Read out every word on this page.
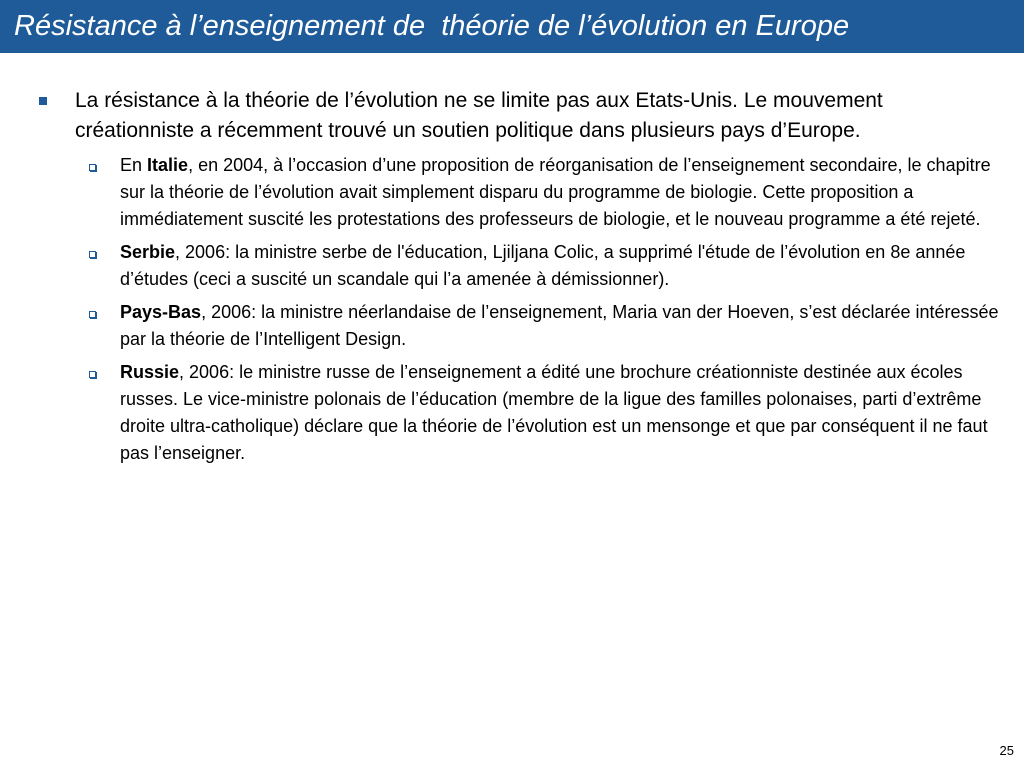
Résistance à l’enseignement de  théorie de l’évolution en Europe
La résistance à la théorie de l’évolution ne se limite pas aux Etats-Unis. Le mouvement créationniste a récemment trouvé un soutien politique dans plusieurs pays d’Europe.
En Italie, en 2004, à l’occasion d’une proposition de réorganisation de l’enseignement secondaire, le chapitre sur la théorie de l’évolution avait simplement disparu du programme de biologie. Cette proposition a immédiatement suscité les protestations des professeurs de biologie, et le nouveau programme a été rejeté.
Serbie, 2006: la ministre serbe de l'éducation, Ljiljana Colic, a supprimé l'étude de l’évolution en 8e année d’études (ceci a suscité un scandale qui l’a amenée à démissionner).
Pays-Bas, 2006: la ministre néerlandaise de l’enseignement, Maria van der Hoeven, s’est déclarée intéressée par la théorie de l’Intelligent Design.
Russie, 2006: le ministre russe de l’enseignement a édité une brochure créationniste destinée aux écoles russes. Le vice-ministre polonais de l’éducation (membre de la ligue des familles polonaises, parti d’extrême droite ultra-catholique) déclare que la théorie de l’évolution est un mensonge et que par conséquent il ne faut pas l’enseigner.
25
